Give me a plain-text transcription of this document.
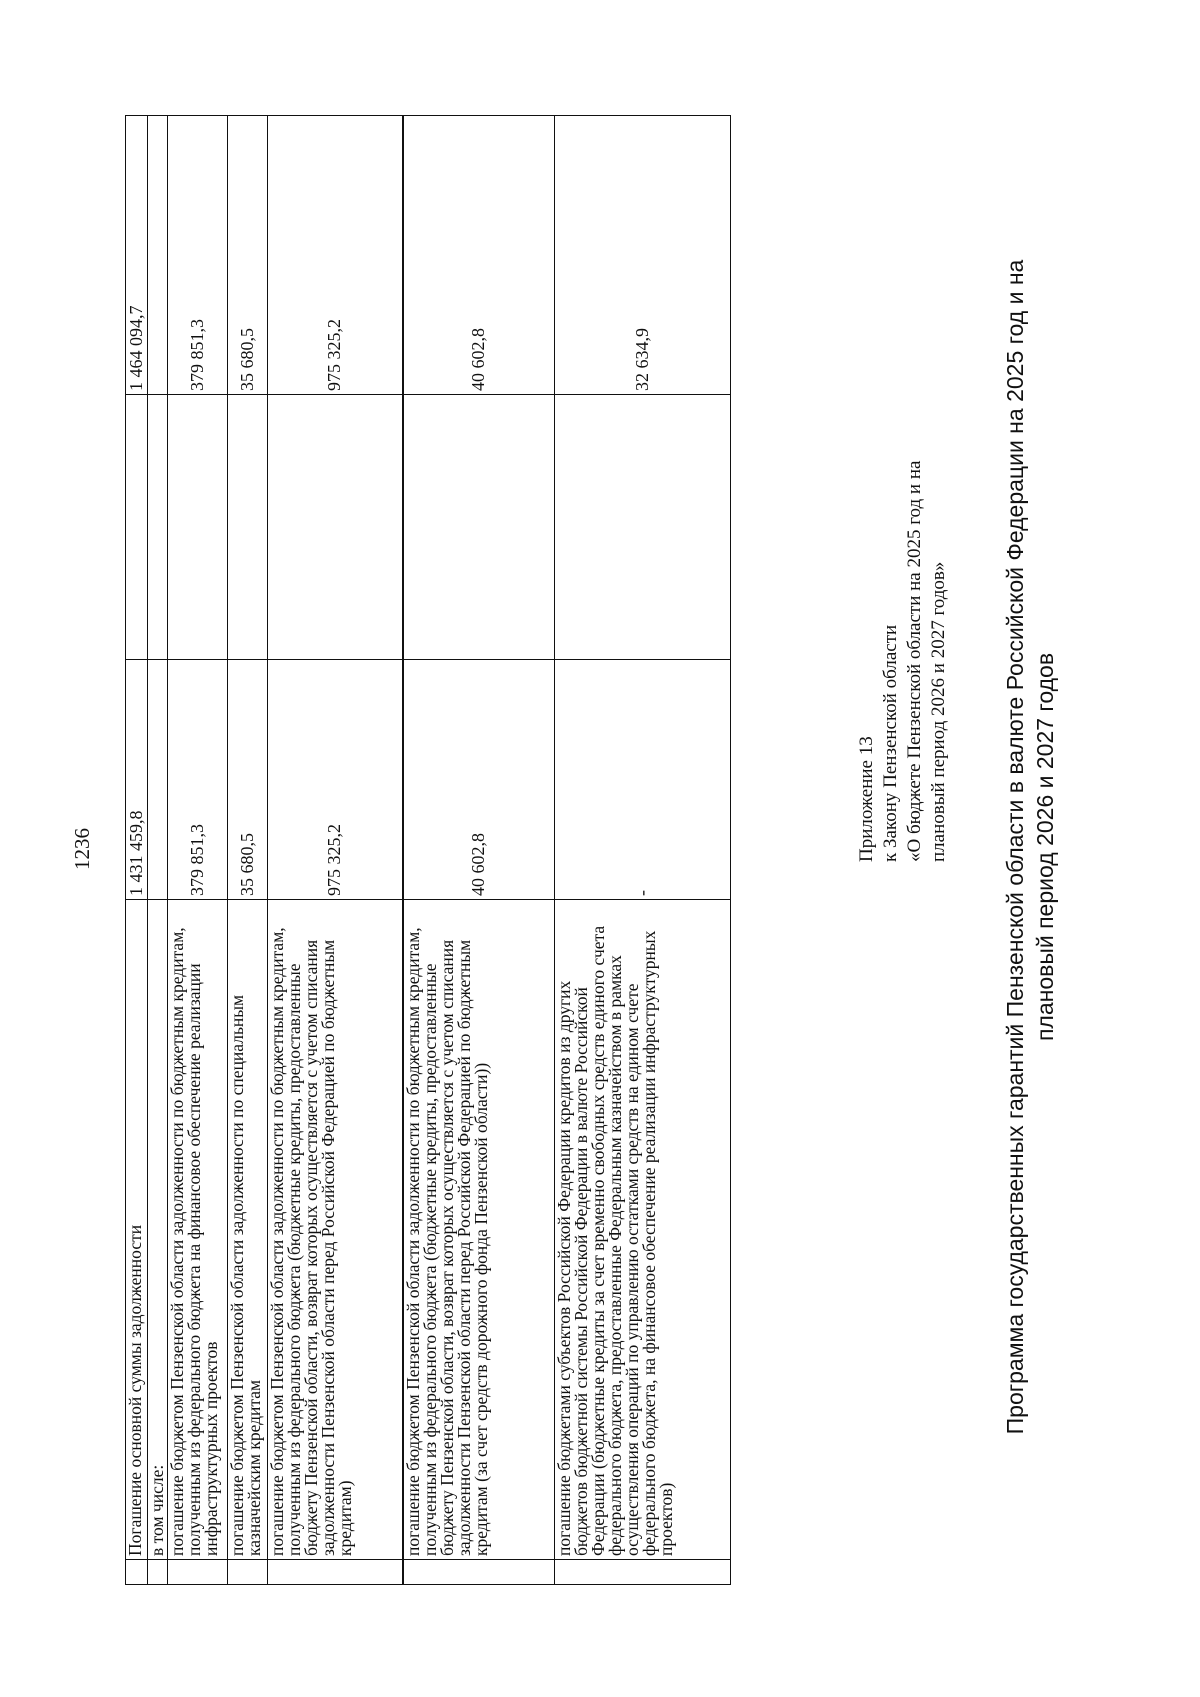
1236
	Погашение основной суммы задолженности	1 431 459,8		1 464 094,7
	в том числе:			
	погашение бюджетом Пензенской области задолженности по бюджетным кредитам, полученным из федерального бюджета на финансовое обеспечение реализации инфраструктурных проектов	379 851,3		379 851,3
	погашение бюджетом Пензенской области задолженности по специальным казначейским кредитам	35 680,5		35 680,5
	погашение бюджетом Пензенской области задолженности по бюджетным кредитам, полученным из федерального бюджета (бюджетные кредиты, предоставленные бюджету Пензенской области, возврат которых осуществляется с учетом списания задолженности Пензенской области перед Российской Федерацией по бюджетным кредитам)	975 325,2		975 325,2
	погашение бюджетом Пензенской области задолженности по бюджетным кредитам, полученным из федерального бюджета (бюджетные кредиты, предоставленные бюджету Пензенской области, возврат которых осуществляется с учетом списания задолженности Пензенской области перед Российской Федерацией по бюджетным кредитам (за счет средств дорожного фонда Пензенской области))	40 602,8		40 602,8
	погашение бюджетами субъектов Российской Федерации кредитов из других бюджетов бюджетной системы Российской Федерации в валюте Российской Федерации (бюджетные кредиты за счет временно свободных средств единого счета федерального бюджета, предоставленные Федеральным казначейством в рамках осуществления операций по управлению остатками средств на едином счете федерального бюджета, на финансовое обеспечение реализации инфраструктурных проектов)	-		32 634,9
Приложение 13 к Закону Пензенской области «О бюджете Пензенской области на 2025 год и на плановый период 2026 и 2027 годов» Программа государственных гарантий Пензенской области в валюте Российской Федерации на 2025 год и на плановый период 2026 и 2027 годов
